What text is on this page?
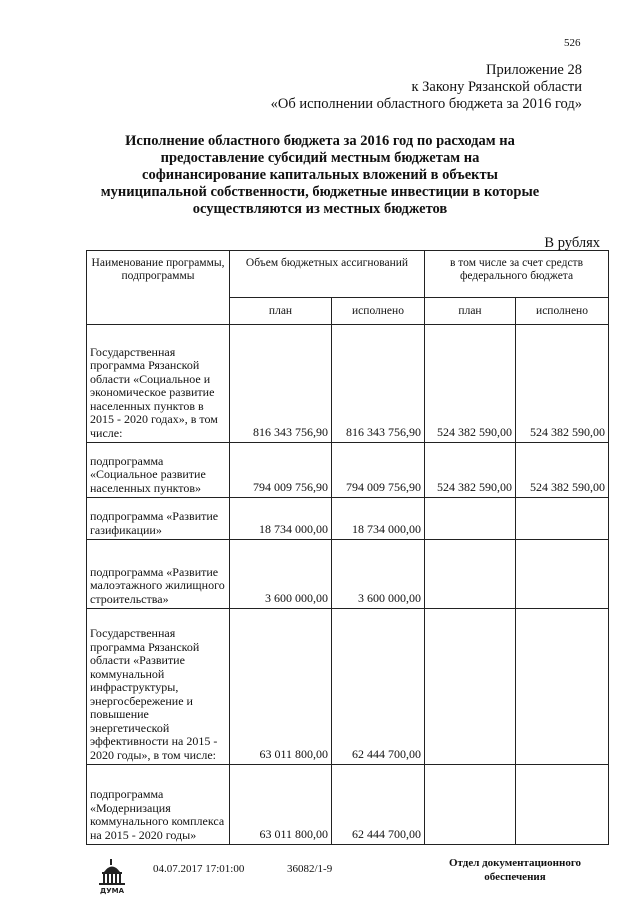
526
Приложение 28
к Закону Рязанской области
«Об исполнении областного бюджета за 2016 год»
Исполнение областного бюджета за 2016 год по расходам на предоставление субсидий местным бюджетам на софинансирование капитальных вложений в объекты муниципальной собственности, бюджетные инвестиции в которые осуществляются из местных бюджетов
В рублях
Наименование программы, подпрограммы	Объем бюджетных ассигнований		в том числе за счет средств федерального бюджета	
	план	исполнено	план	исполнено
Государственная программа Рязанской области «Социальное и экономическое развитие населенных пунктов в 2015 - 2020 годах», в том числе:	816 343 756,90	816 343 756,90	524 382 590,00	524 382 590,00
подпрограмма «Социальное развитие населенных пунктов»	794 009 756,90	794 009 756,90	524 382 590,00	524 382 590,00
подпрограмма «Развитие газификации»	18 734 000,00	18 734 000,00		
подпрограмма «Развитие малоэтажного жилищного строительства»	3 600 000,00	3 600 000,00		
Государственная программа Рязанской области «Развитие коммунальной инфраструктуры, энергосбережение и повышение энергетической эффективности на 2015 - 2020 годы», в том числе:	63 011 800,00	62 444 700,00		
подпрограмма «Модернизация коммунального комплекса на 2015 - 2020 годы»	63 011 800,00	62 444 700,00		
ДУМА
04.07.2017 17:01:00	36082/1-9	Отдел документационного
обеспечения
